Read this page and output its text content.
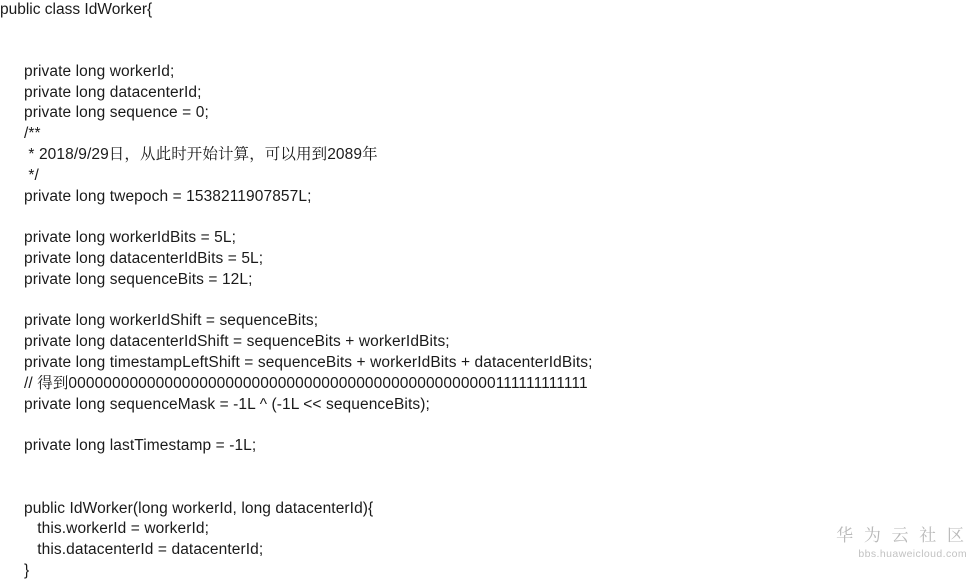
public class IdWorker{
private long workerId;
private long datacenterId;
private long sequence = 0;
/**
* 2018/9/29日，从此时开始计算，可以用到2089年
*/
private long twepoch = 1538211907857L;
private long workerIdBits = 5L;
private long datacenterIdBits = 5L;
private long sequenceBits = 12L;
private long workerIdShift = sequenceBits;
private long datacenterIdShift = sequenceBits + workerIdBits;
private long timestampLeftShift = sequenceBits + workerIdBits + datacenterIdBits;
// 得到0000000000000000000000000000000000000000000000000111111111111
private long sequenceMask = -1L ^ (-1L << sequenceBits);
private long lastTimestamp = -1L;
public IdWorker(long workerId, long datacenterId){
this.workerId = workerId;
this.datacenterId = datacenterId;
}
华 为 云 社 区
bbs.huaweicloud.com
